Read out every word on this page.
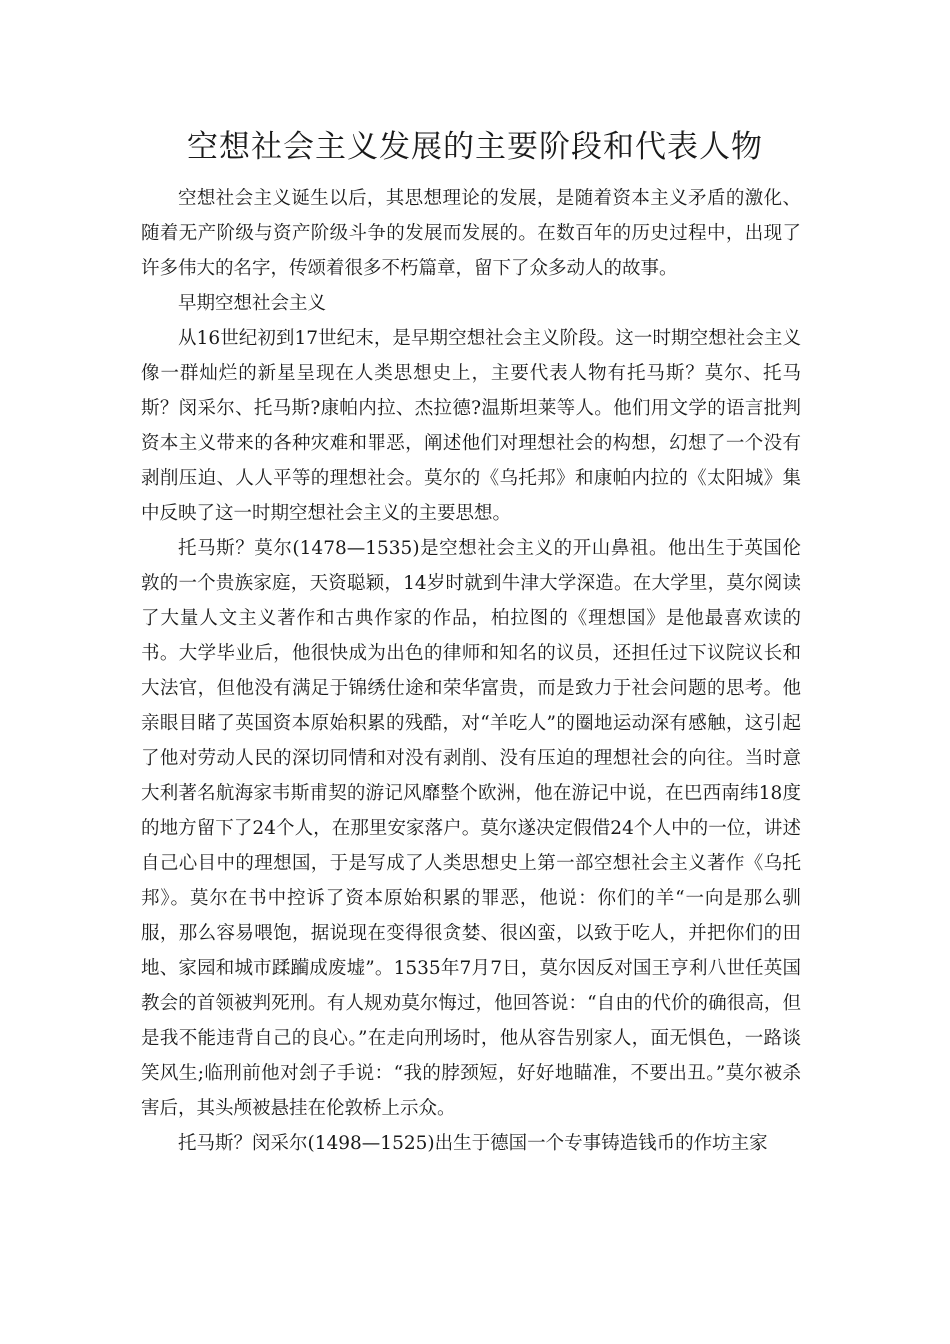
空想社会主义发展的主要阶段和代表人物

空想社会主义诞生以后，其思想理论的发展，是随着资本主义矛盾的激化、随着无产阶级与资产阶级斗争的发展而发展的。在数百年的历史过程中，出现了许多伟大的名字，传颂着很多不朽篇章，留下了众多动人的故事。

早期空想社会主义

从16世纪初到17世纪末，是早期空想社会主义阶段。这一时期空想社会主义像一群灿烂的新星呈现在人类思想史上，主要代表人物有托马斯？莫尔、托马斯？闵采尔、托马斯?康帕内拉、杰拉德?温斯坦莱等人。他们用文学的语言批判资本主义带来的各种灾难和罪恶，阐述他们对理想社会的构想，幻想了一个没有剥削压迫、人人平等的理想社会。莫尔的《乌托邦》和康帕内拉的《太阳城》集中反映了这一时期空想社会主义的主要思想。

托马斯？莫尔(1478—1535)是空想社会主义的开山鼻祖。他出生于英国伦敦的一个贵族家庭，天资聪颖，14岁时就到牛津大学深造。在大学里，莫尔阅读了大量人文主义著作和古典作家的作品，柏拉图的《理想国》是他最喜欢读的书。大学毕业后，他很快成为出色的律师和知名的议员，还担任过下议院议长和大法官，但他没有满足于锦绣仕途和荣华富贵，而是致力于社会问题的思考。他亲眼目睹了英国资本原始积累的残酷，对“羊吃人”的圈地运动深有感触，这引起了他对劳动人民的深切同情和对没有剥削、没有压迫的理想社会的向往。当时意大利著名航海家韦斯甫契的游记风靡整个欧洲，他在游记中说，在巴西南纬18度的地方留下了24个人，在那里安家落户。莫尔遂决定假借24个人中的一位，讲述自己心目中的理想国，于是写成了人类思想史上第一部空想社会主义著作《乌托邦》。莫尔在书中控诉了资本原始积累的罪恶，他说：你们的羊“一向是那么驯服，那么容易喂饱，据说现在变得很贪婪、很凶蛮，以致于吃人，并把你们的田地、家园和城市蹂躏成废墟”。1535年7月7日，莫尔因反对国王亨利八世任英国教会的首领被判死刑。有人规劝莫尔悔过，他回答说：“自由的代价的确很高，但是我不能违背自己的良心。”在走向刑场时，他从容告别家人，面无惧色，一路谈笑风生;临刑前他对刽子手说：“我的脖颈短，好好地瞄准，不要出丑。”莫尔被杀害后，其头颅被悬挂在伦敦桥上示众。

托马斯？闵采尔(1498—1525)出生于德国一个专事铸造钱币的作坊主家
